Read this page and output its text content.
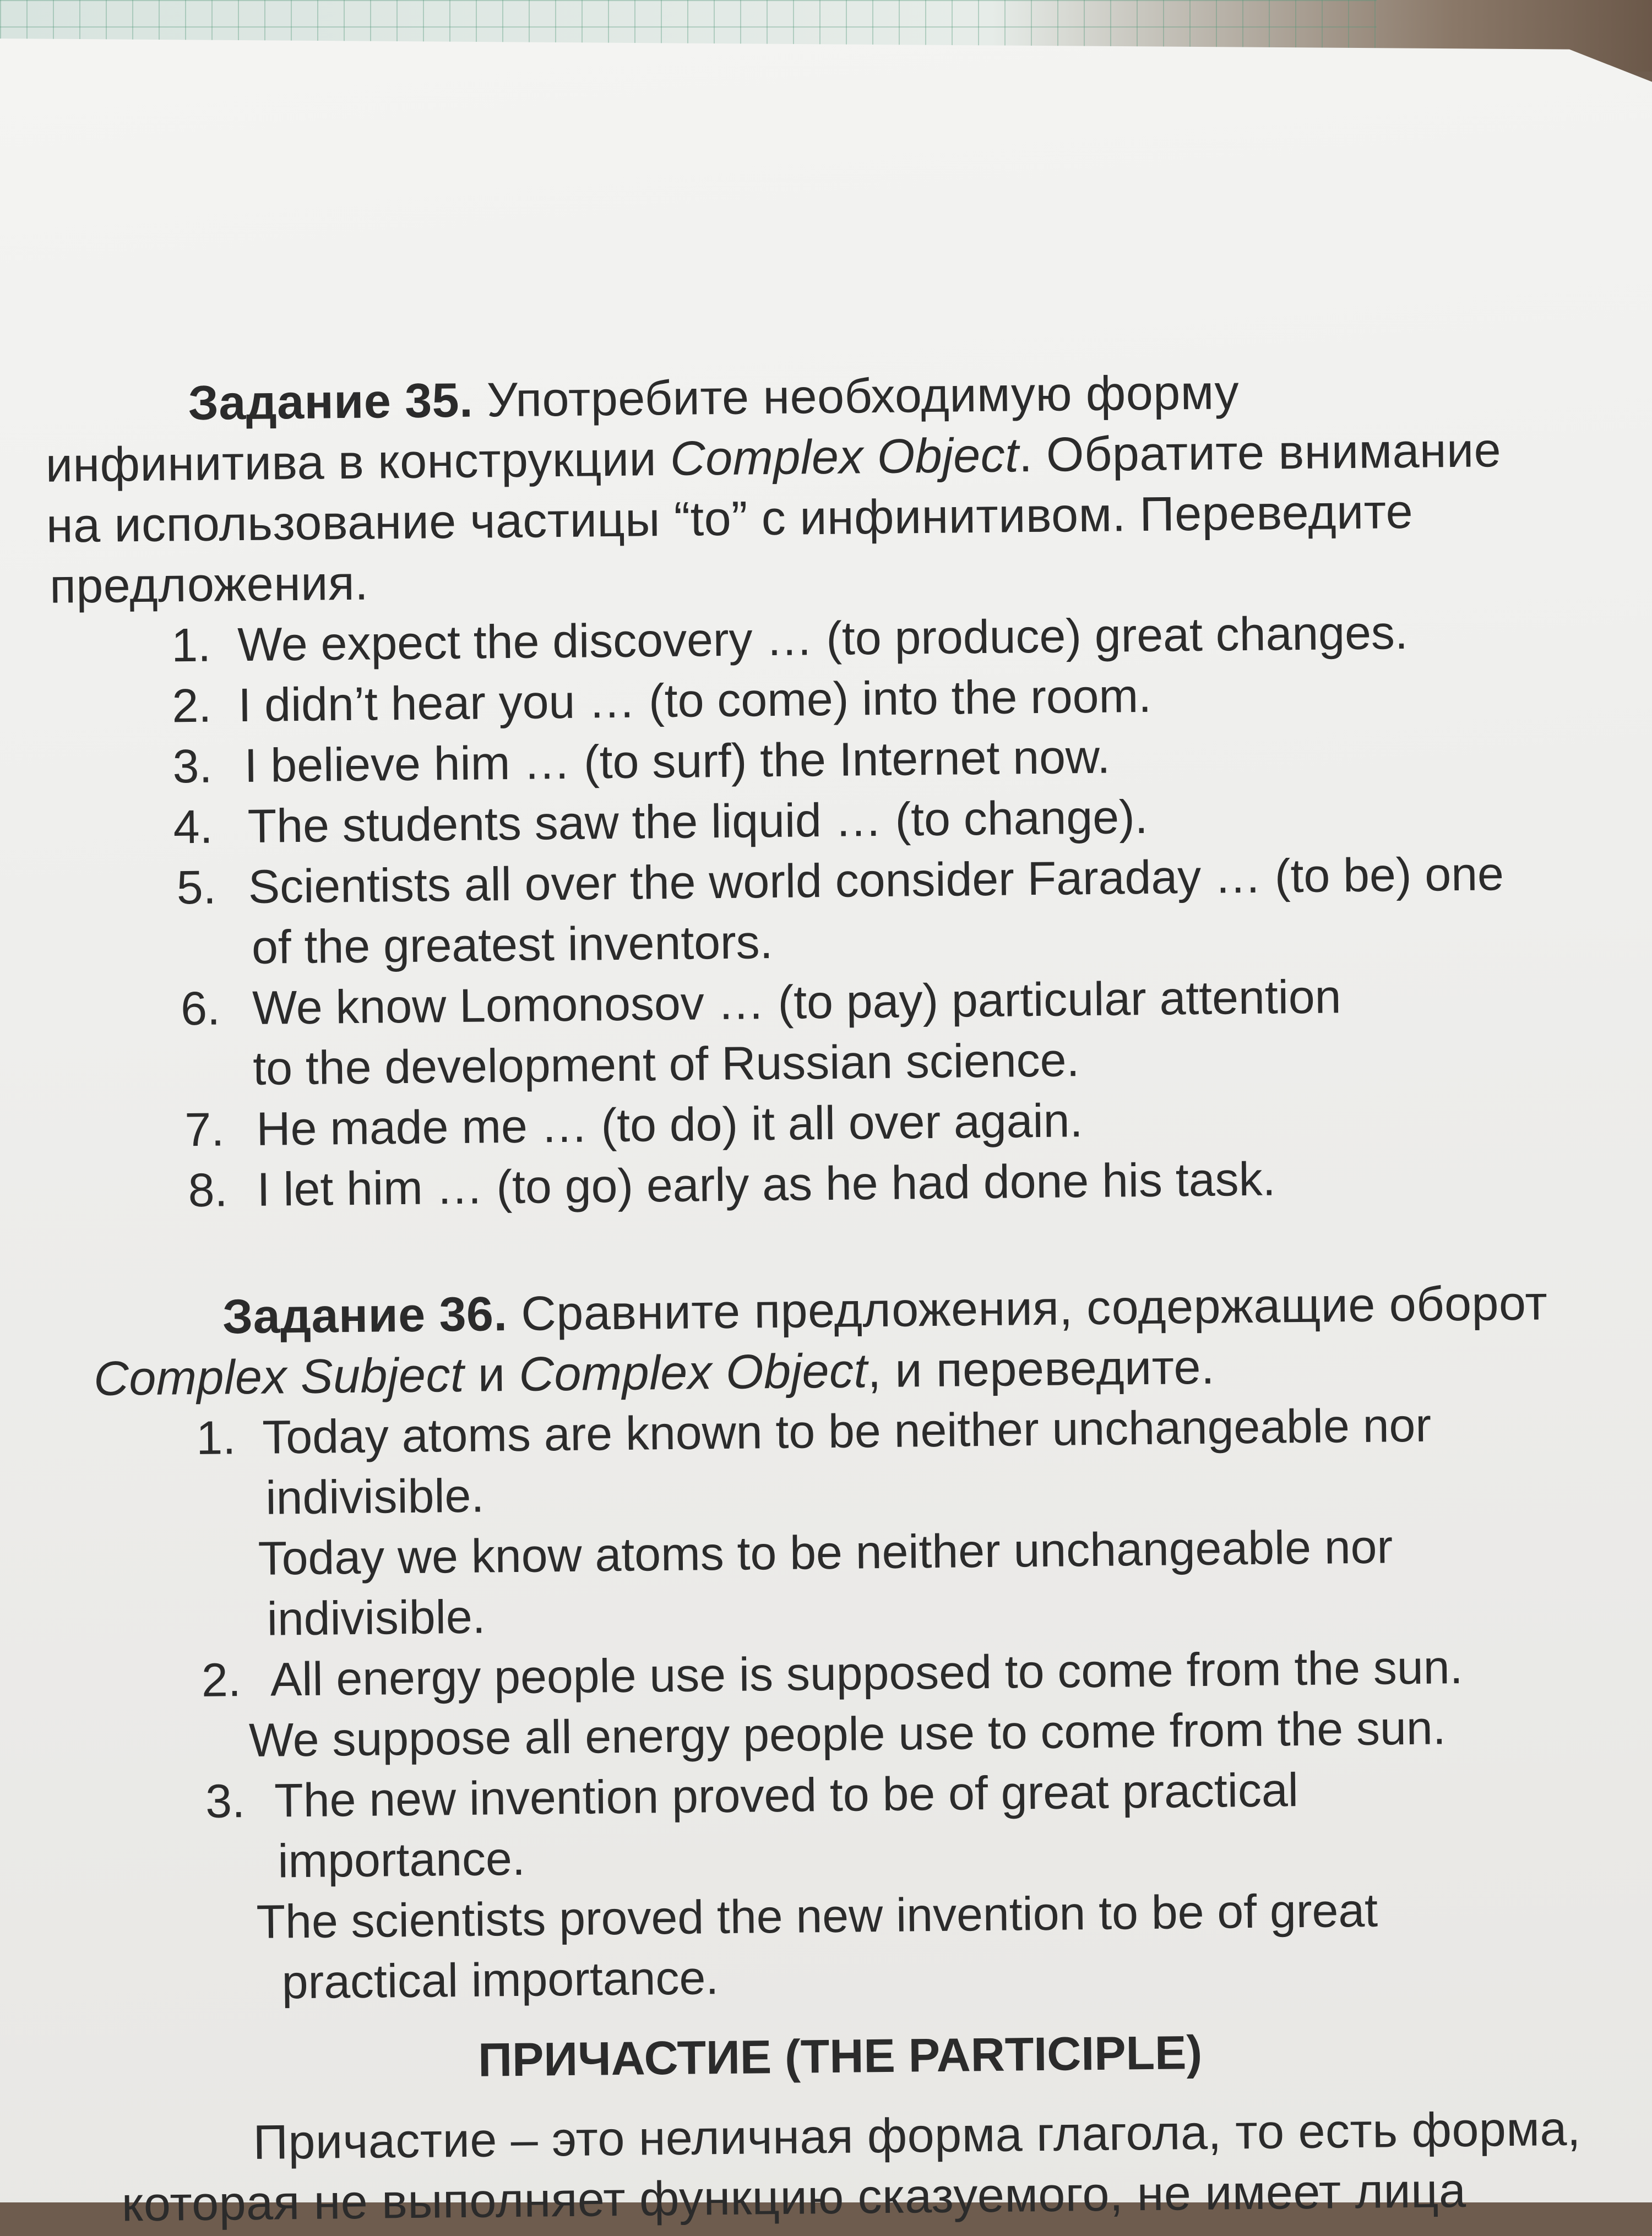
Задание 35. Употребите необходимую форму
инфинитива в конструкции Complex Object. Обратите внимание
на использование частицы “to” с инфинитивом. Переведите
предложения.
1. We expect the discovery … (to produce) great changes.
2. I didn’t hear you … (to come) into the room.
3. I believe him … (to surf) the Internet now.
4. The students saw the liquid … (to change).
5. Scientists all over the world consider Faraday … (to be) one
of the greatest inventors.
6. We know Lomonosov … (to pay) particular attention
to the development of Russian science.
7. He made me … (to do) it all over again.
8. I let him … (to go) early as he had done his task.
Задание 36. Сравните предложения, содержащие оборот
Complex Subject и Complex Object, и переведите.
1. Today atoms are known to be neither unchangeable nor
indivisible.
Today we know atoms to be neither unchangeable nor
indivisible.
2. All energy people use is supposed to come from the sun.
We suppose all energy people use to come from the sun.
3. The new invention proved to be of great practical
importance.
The scientists proved the new invention to be of great
practical importance.
ПРИЧАСТИЕ (THE PARTICIPLE)
Причастие – это неличная форма глагола, то есть форма,
которая не выполняет функцию сказуемого, не имеет лица
